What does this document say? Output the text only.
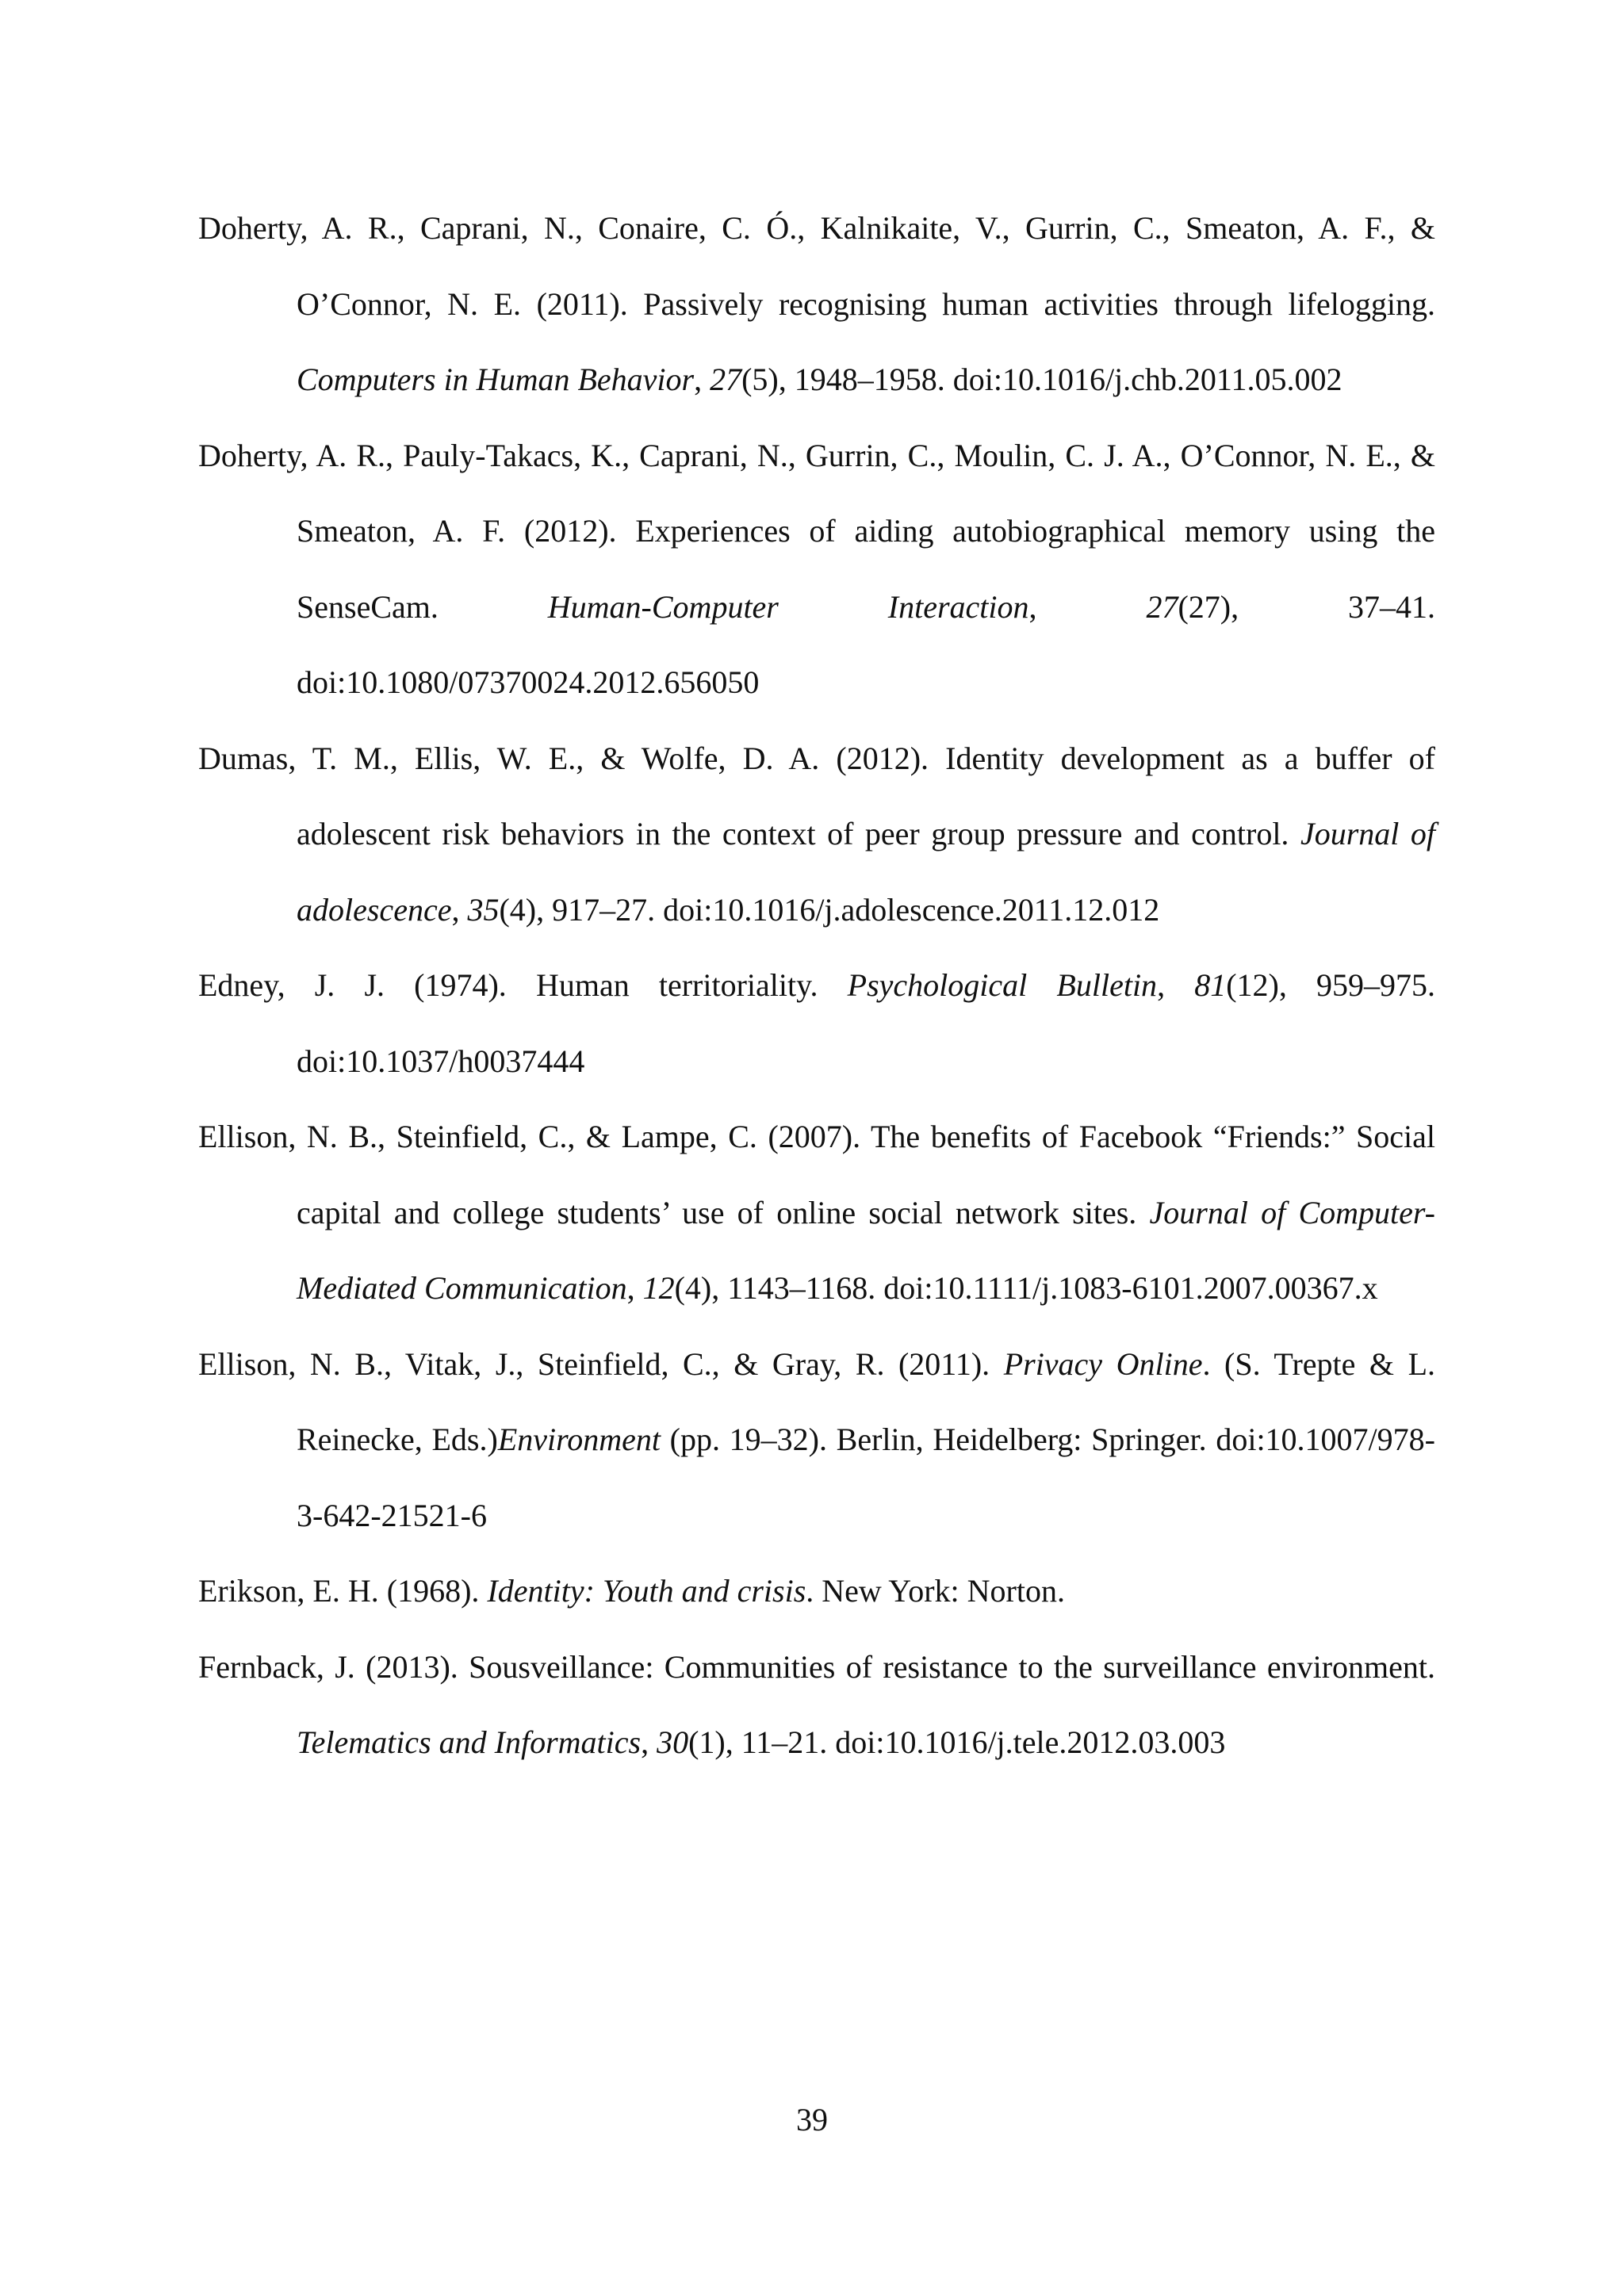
Doherty, A. R., Caprani, N., Conaire, C. Ó., Kalnikaite, V., Gurrin, C., Smeaton, A. F., & O’Connor, N. E. (2011). Passively recognising human activities through lifelogging. Computers in Human Behavior, 27(5), 1948–1958. doi:10.1016/j.chb.2011.05.002

Doherty, A. R., Pauly-Takacs, K., Caprani, N., Gurrin, C., Moulin, C. J. A., O’Connor, N. E., & Smeaton, A. F. (2012). Experiences of aiding autobiographical memory using the SenseCam. Human-Computer Interaction, 27(27), 37–41. doi:10.1080/07370024.2012.656050

Dumas, T. M., Ellis, W. E., & Wolfe, D. A. (2012). Identity development as a buffer of adolescent risk behaviors in the context of peer group pressure and control. Journal of adolescence, 35(4), 917–27. doi:10.1016/j.adolescence.2011.12.012

Edney, J. J. (1974). Human territoriality. Psychological Bulletin, 81(12), 959–975. doi:10.1037/h0037444

Ellison, N. B., Steinfield, C., & Lampe, C. (2007). The benefits of Facebook “Friends:” Social capital and college students’ use of online social network sites. Journal of Computer-Mediated Communication, 12(4), 1143–1168. doi:10.1111/j.1083-6101.2007.00367.x

Ellison, N. B., Vitak, J., Steinfield, C., & Gray, R. (2011). Privacy Online. (S. Trepte & L. Reinecke, Eds.)Environment (pp. 19–32). Berlin, Heidelberg: Springer. doi:10.1007/978-3-642-21521-6

Erikson, E. H. (1968). Identity: Youth and crisis. New York: Norton.

Fernback, J. (2013). Sousveillance: Communities of resistance to the surveillance environment. Telematics and Informatics, 30(1), 11–21. doi:10.1016/j.tele.2012.03.003

39
